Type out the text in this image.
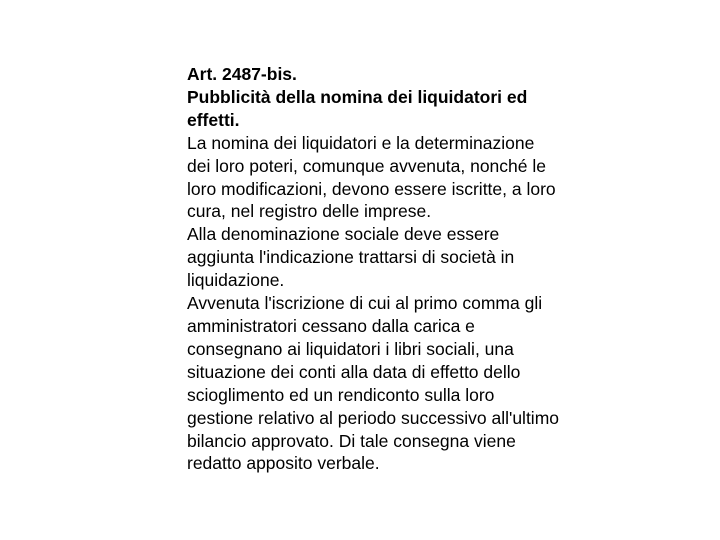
Art. 2487-bis.
Pubblicità della nomina dei liquidatori ed
effetti.
La nomina dei liquidatori e la determinazione
dei loro poteri, comunque avvenuta, nonché le
loro modificazioni, devono essere iscritte, a loro
cura, nel registro delle imprese.
Alla denominazione sociale deve essere
aggiunta l'indicazione trattarsi di società in
liquidazione.
Avvenuta l'iscrizione di cui al primo comma gli
amministratori cessano dalla carica e
consegnano ai liquidatori i libri sociali, una
situazione dei conti alla data di effetto dello
scioglimento ed un rendiconto sulla loro
gestione relativo al periodo successivo all'ultimo
bilancio approvato. Di tale consegna viene
redatto apposito verbale.
